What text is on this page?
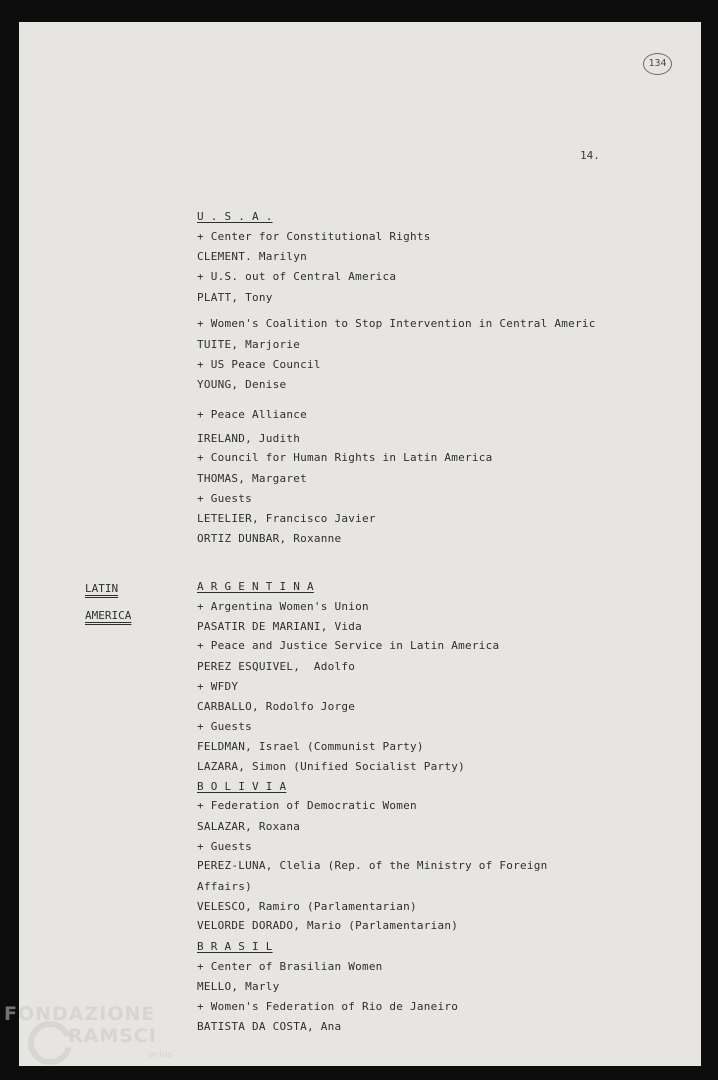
134
14.
LATIN
AMERICA
U . S . A .
+ Center for Constitutional Rights
CLEMENT. Marilyn
+ U.S. out of Central America
PLATT, Tony
+ Women's Coalition to Stop Intervention in Central Americ
TUITE, Marjorie
+ US Peace Council
YOUNG, Denise
+ Peace Alliance
IRELAND, Judith
+ Council for Human Rights in Latin America
THOMAS, Margaret
+ Guests
LETELIER, Francisco Javier
ORTIZ DUNBAR, Roxanne
A R G E N T I N A
+ Argentina Women's Union
PASATIR DE MARIANI, Vida
+ Peace and Justice Service in Latin America
PEREZ ESQUIVEL,  Adolfo
+ WFDY
CARBALLO, Rodolfo Jorge
+ Guests
FELDMAN, Israel (Communist Party)
LAZARA, Simon (Unified Socialist Party)
B O L I V I A
+ Federation of Democratic Women
SALAZAR, Roxana
+ Guests
PEREZ-LUNA, Clelia (Rep. of the Ministry of Foreign
Affairs)
VELESCO, Ramiro (Parlamentarian)
VELORDE DORADO, Mario (Parlamentarian)
B R A S I L
+ Center of Brasilian Women
MELLO, Marly
+ Women's Federation of Rio de Janeiro
BATISTA DA COSTA, Ana
FONDAZIONE
RAMSCI
onlus
